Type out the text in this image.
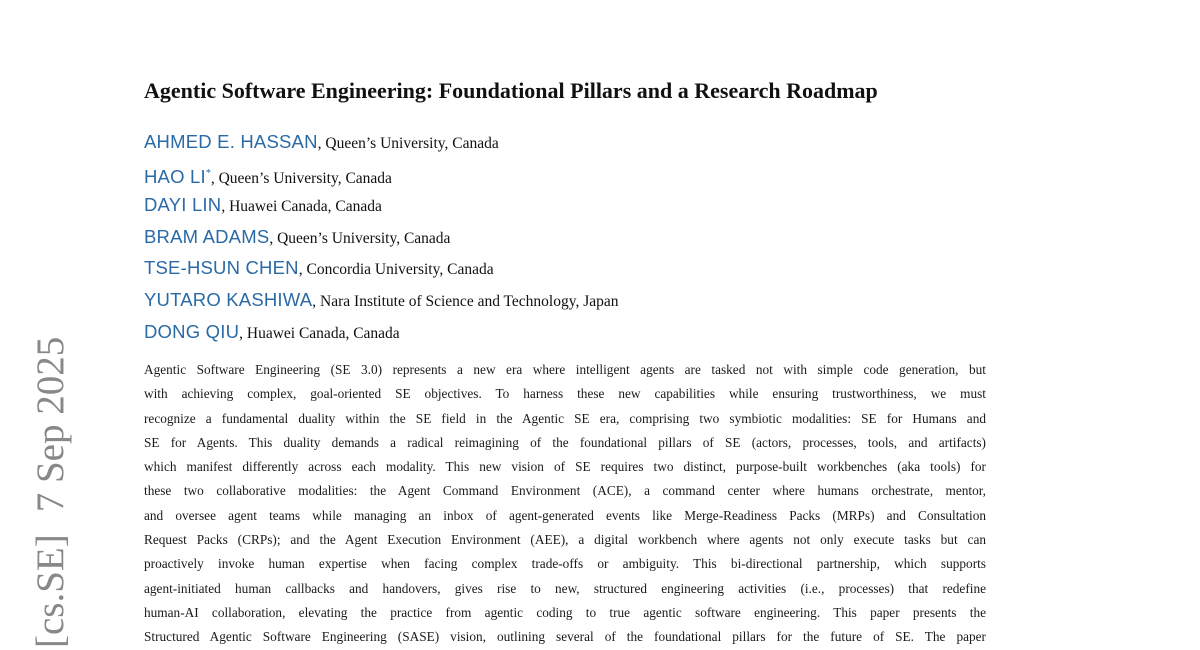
[cs.SE]7 Sep 2025
Agentic Software Engineering: Foundational Pillars and a Research Roadmap
AHMED E. HASSAN, Queen’s University, Canada
HAO LI*, Queen’s University, Canada
DAYI LIN, Huawei Canada, Canada
BRAM ADAMS, Queen’s University, Canada
TSE-HSUN CHEN, Concordia University, Canada
YUTARO KASHIWA, Nara Institute of Science and Technology, Japan
DONG QIU, Huawei Canada, Canada
Agentic Software Engineering (SE 3.0) represents a new era where intelligent agents are tasked not with simple code generation, but
with achieving complex, goal-oriented SE objectives. To harness these new capabilities while ensuring trustworthiness, we must
recognize a fundamental duality within the SE field in the Agentic SE era, comprising two symbiotic modalities: SE for Humans and
SE for Agents. This duality demands a radical reimagining of the foundational pillars of SE (actors, processes, tools, and artifacts)
which manifest differently across each modality. This new vision of SE requires two distinct, purpose-built workbenches (aka tools) for
these two collaborative modalities: the Agent Command Environment (ACE), a command center where humans orchestrate, mentor,
and oversee agent teams while managing an inbox of agent-generated events like Merge-Readiness Packs (MRPs) and Consultation
Request Packs (CRPs); and the Agent Execution Environment (AEE), a digital workbench where agents not only execute tasks but can
proactively invoke human expertise when facing complex trade-offs or ambiguity. This bi-directional partnership, which supports
agent-initiated human callbacks and handovers, gives rise to new, structured engineering activities (i.e., processes) that redefine
human-AI collaboration, elevating the practice from agentic coding to true agentic software engineering. This paper presents the
Structured Agentic Software Engineering (SASE) vision, outlining several of the foundational pillars for the future of SE. The paper
